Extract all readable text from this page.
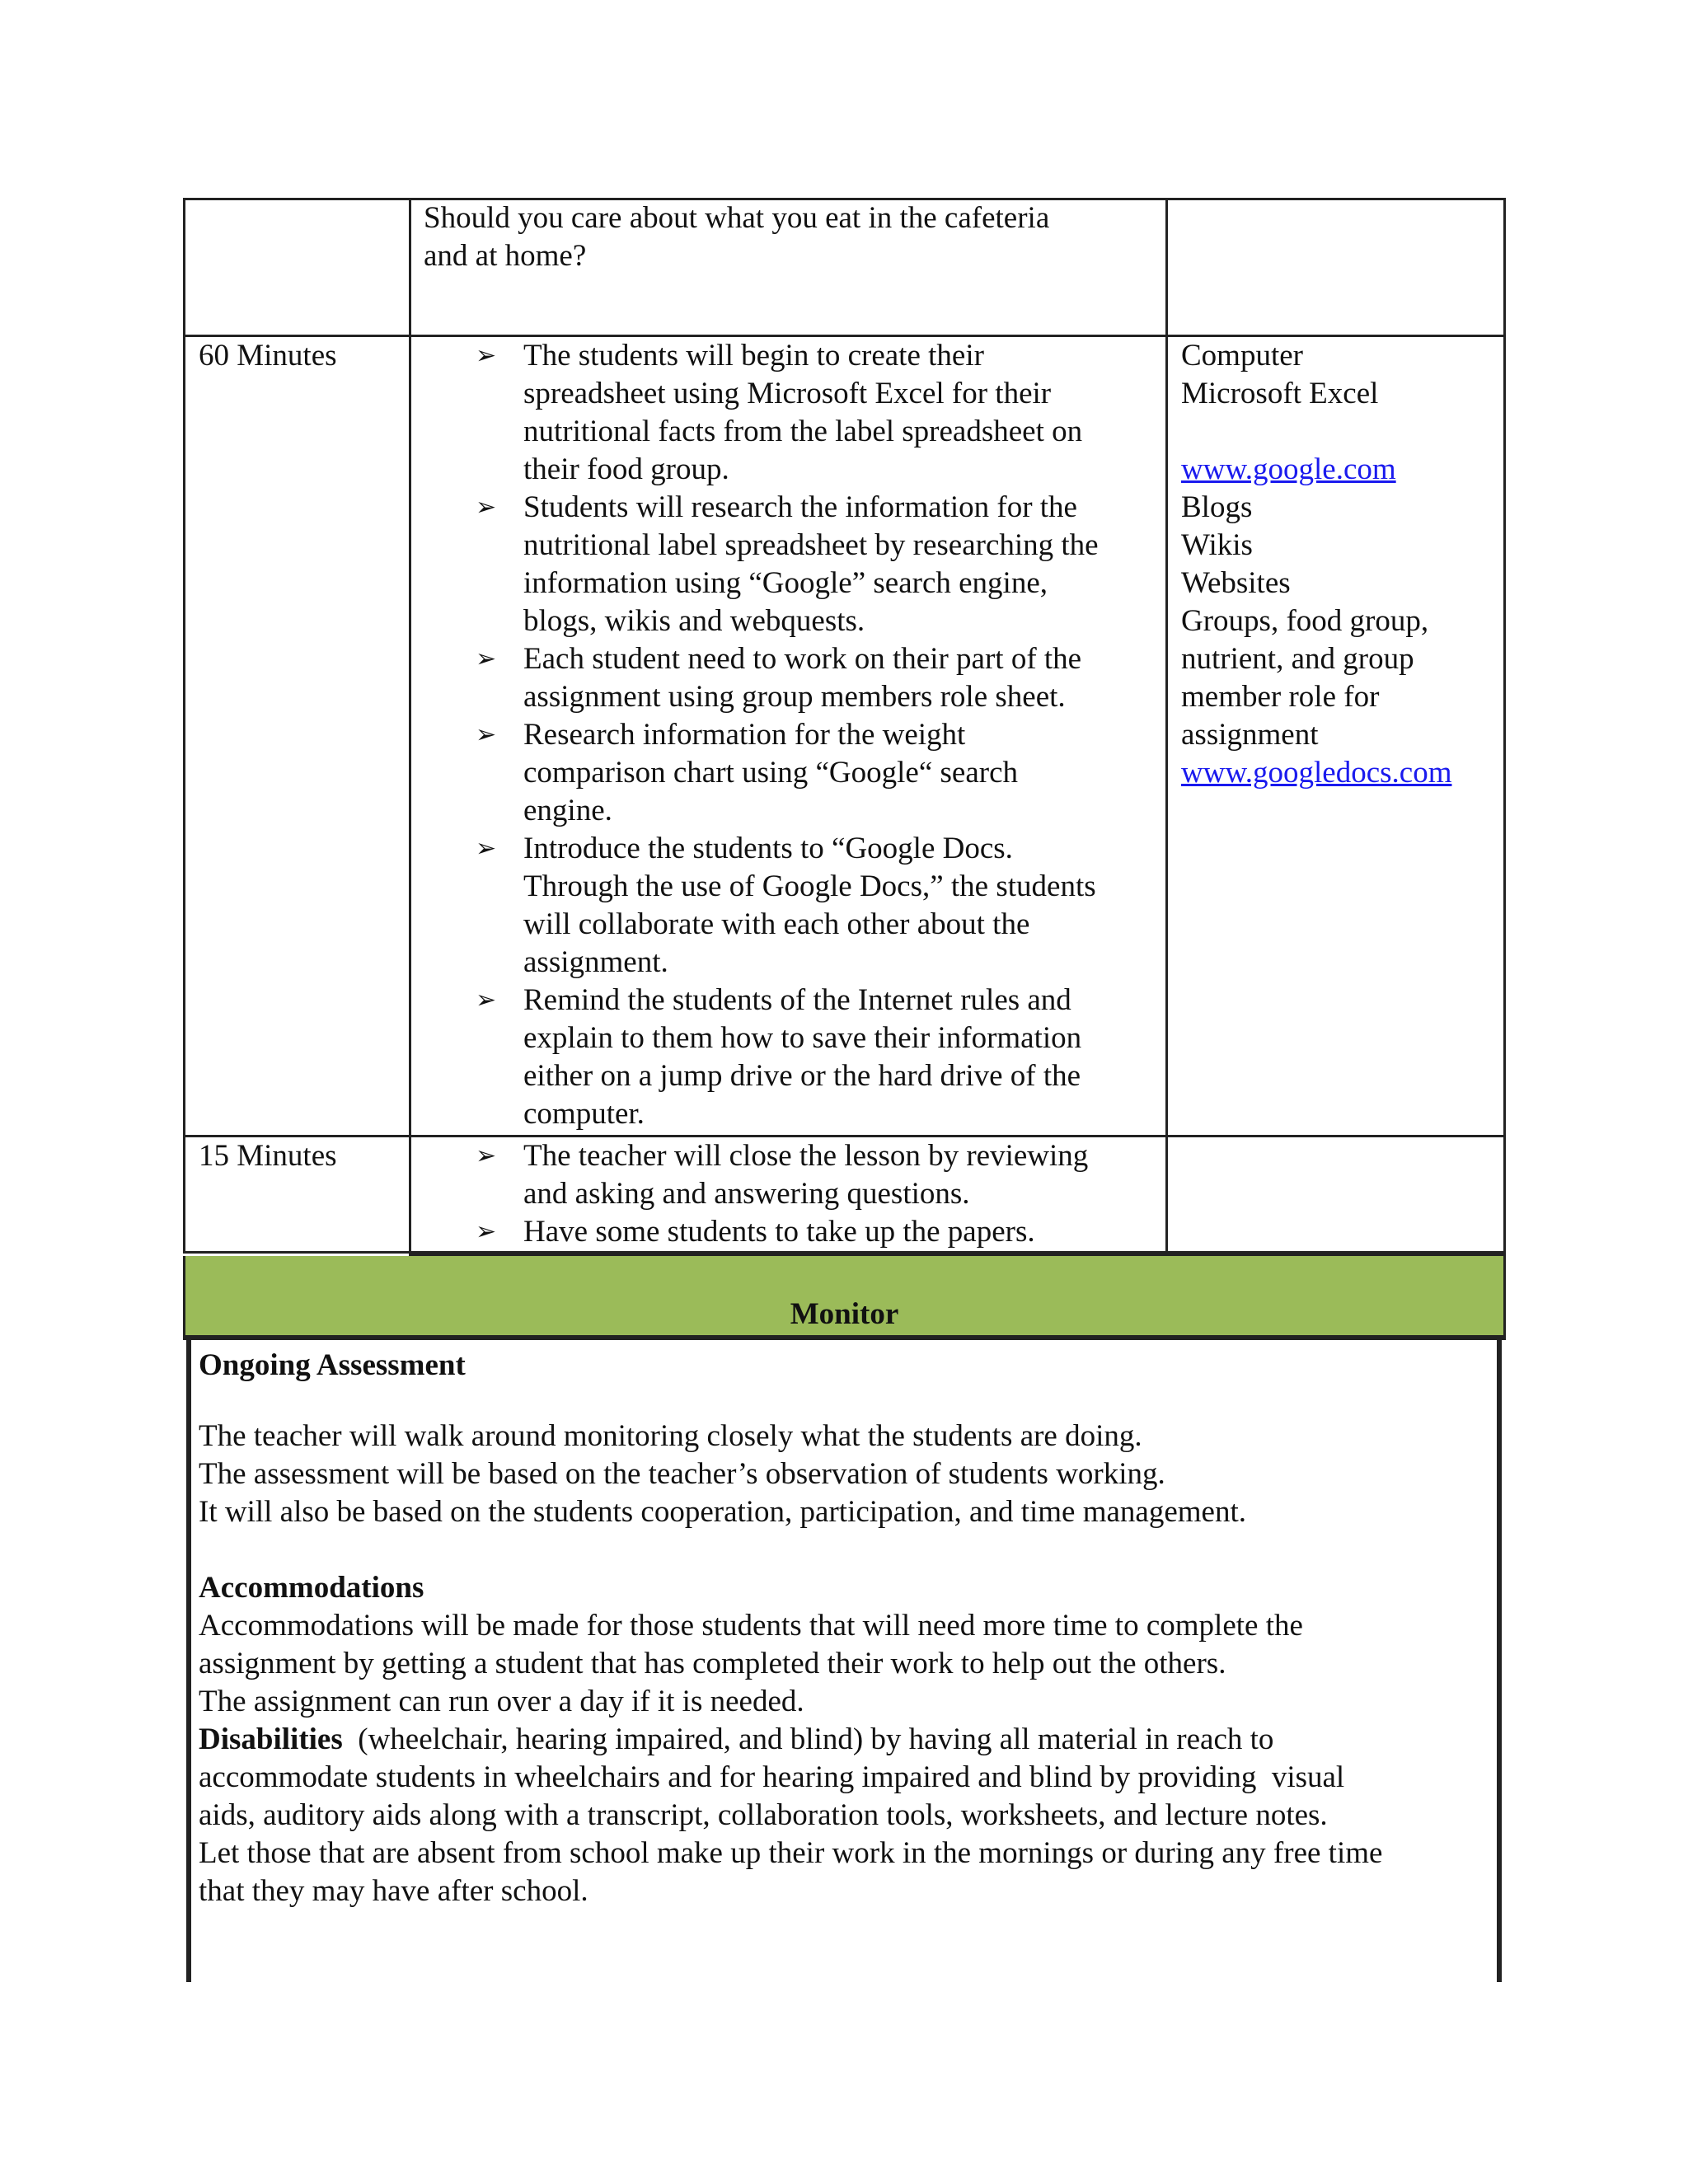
Should you care about what you eat in the cafeteria
and at home?
60 Minutes	➢ The students will begin to create their
spreadsheet using Microsoft Excel for their
nutritional facts from the label spreadsheet on
their food group.
➢ Students will research the information for the
nutritional label spreadsheet by researching the
information using “Google” search engine,
blogs, wikis and webquests.
➢ Each student need to work on their part of the
assignment using group members role sheet.
➢ Research information for the weight
comparison chart using “Google“ search
engine.
➢ Introduce the students to “Google Docs.
Through the use of Google Docs,” the students
will collaborate with each other about the
assignment.
➢ Remind the students of the Internet rules and
explain to them how to save their information
either on a jump drive or the hard drive of the
computer.
Computer
Microsoft Excel
www.google.com
Blogs
Wikis
Websites
Groups, food group,
nutrient, and group
member role for
assignment
www.googledocs.com
15 Minutes	➢ The teacher will close the lesson by reviewing
and asking and answering questions.
➢ Have some students to take up the papers.
Monitor
Ongoing Assessment
The teacher will walk around monitoring closely what the students are doing.
The assessment will be based on the teacher’s observation of students working.
It will also be based on the students cooperation, participation, and time management.
Accommodations
Accommodations will be made for those students that will need more time to complete the
assignment by getting a student that has completed their work to help out the others.
The assignment can run over a day if it is needed.
Disabilities  (wheelchair, hearing impaired, and blind) by having all material in reach to
accommodate students in wheelchairs and for hearing impaired and blind by providing  visual
aids, auditory aids along with a transcript, collaboration tools, worksheets, and lecture notes.
Let those that are absent from school make up their work in the mornings or during any free time
that they may have after school.
